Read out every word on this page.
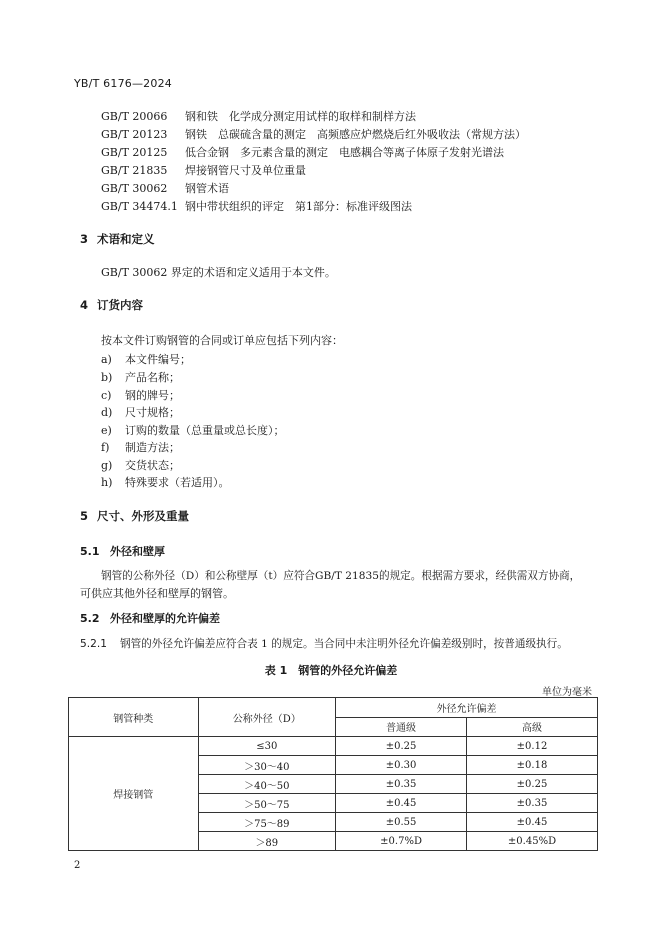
YB/T 6176—2024
GB/T 20066 钢和铁　化学成分测定用试样的取样和制样方法
GB/T 20123 钢铁　总碳硫含量的测定　高频感应炉燃烧后红外吸收法（常规方法）
GB/T 20125 低合金钢　多元素含量的测定　电感耦合等离子体原子发射光谱法
GB/T 21835 焊接钢管尺寸及单位重量
GB/T 30062 钢管术语
GB/T 34474.1 钢中带状组织的评定　第1部分：标准评级图法
3 术语和定义
GB/T 30062 界定的术语和定义适用于本文件。
4 订货内容
按本文件订购钢管的合同或订单应包括下列内容：
a) 本文件编号；
b) 产品名称；
c) 钢的牌号；
d) 尺寸规格；
e) 订购的数量（总重量或总长度）；
f) 制造方法；
g) 交货状态；
h) 特殊要求（若适用）。
5 尺寸、外形及重量
5.1 外径和壁厚
钢管的公称外径（D）和公称壁厚（t）应符合GB/T 21835的规定。根据需方要求，经供需双方协商，
可供应其他外径和壁厚的钢管。
5.2 外径和壁厚的允许偏差
5.2.1 钢管的外径允许偏差应符合表 1 的规定。当合同中未注明外径允许偏差级别时，按普通级执行。
表 1　钢管的外径允许偏差
单位为毫米
钢管种类	公称外径（D）	外径允许偏差	
		普通级	高级
焊接钢管	≤30	±0.25	±0.12
	＞30～40	±0.30	±0.18
	＞40～50	±0.35	±0.25
	＞50～75	±0.45	±0.35
	＞75～89	±0.55	±0.45
	＞89	±0.7%D	±0.45%D
2
